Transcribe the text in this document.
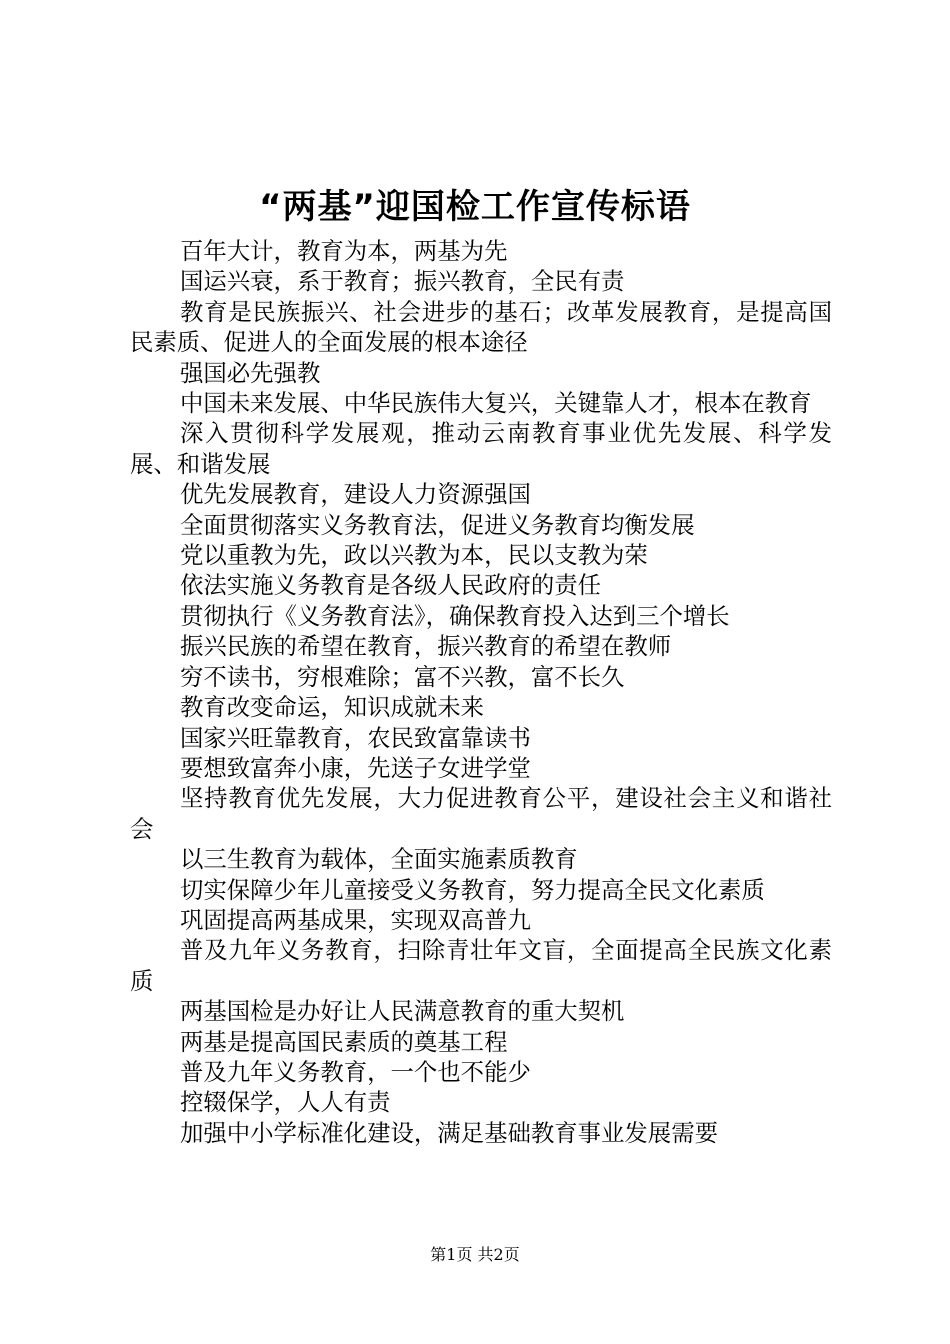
“两基”迎国检工作宣传标语

百年大计，教育为本，两基为先

国运兴衰，系于教育；振兴教育，全民有责

教育是民族振兴、社会进步的基石；改革发展教育，是提高国民素质、促进人的全面发展的根本途径

强国必先强教

中国未来发展、中华民族伟大复兴，关键靠人才，根本在教育

深入贯彻科学发展观，推动云南教育事业优先发展、科学发展、和谐发展

优先发展教育，建设人力资源强国

全面贯彻落实义务教育法，促进义务教育均衡发展

党以重教为先，政以兴教为本，民以支教为荣

依法实施义务教育是各级人民政府的责任

贯彻执行《义务教育法》，确保教育投入达到三个增长

振兴民族的希望在教育，振兴教育的希望在教师

穷不读书，穷根难除；富不兴教，富不长久

教育改变命运，知识成就未来

国家兴旺靠教育，农民致富靠读书

要想致富奔小康，先送子女进学堂

坚持教育优先发展，大力促进教育公平，建设社会主义和谐社会

以三生教育为载体，全面实施素质教育

切实保障少年儿童接受义务教育，努力提高全民文化素质

巩固提高两基成果，实现双高普九

普及九年义务教育，扫除青壮年文盲，全面提高全民族文化素质

两基国检是办好让人民满意教育的重大契机

两基是提高国民素质的奠基工程

普及九年义务教育，一个也不能少

控辍保学，人人有责

加强中小学标准化建设，满足基础教育事业发展需要

第1页 共2页
